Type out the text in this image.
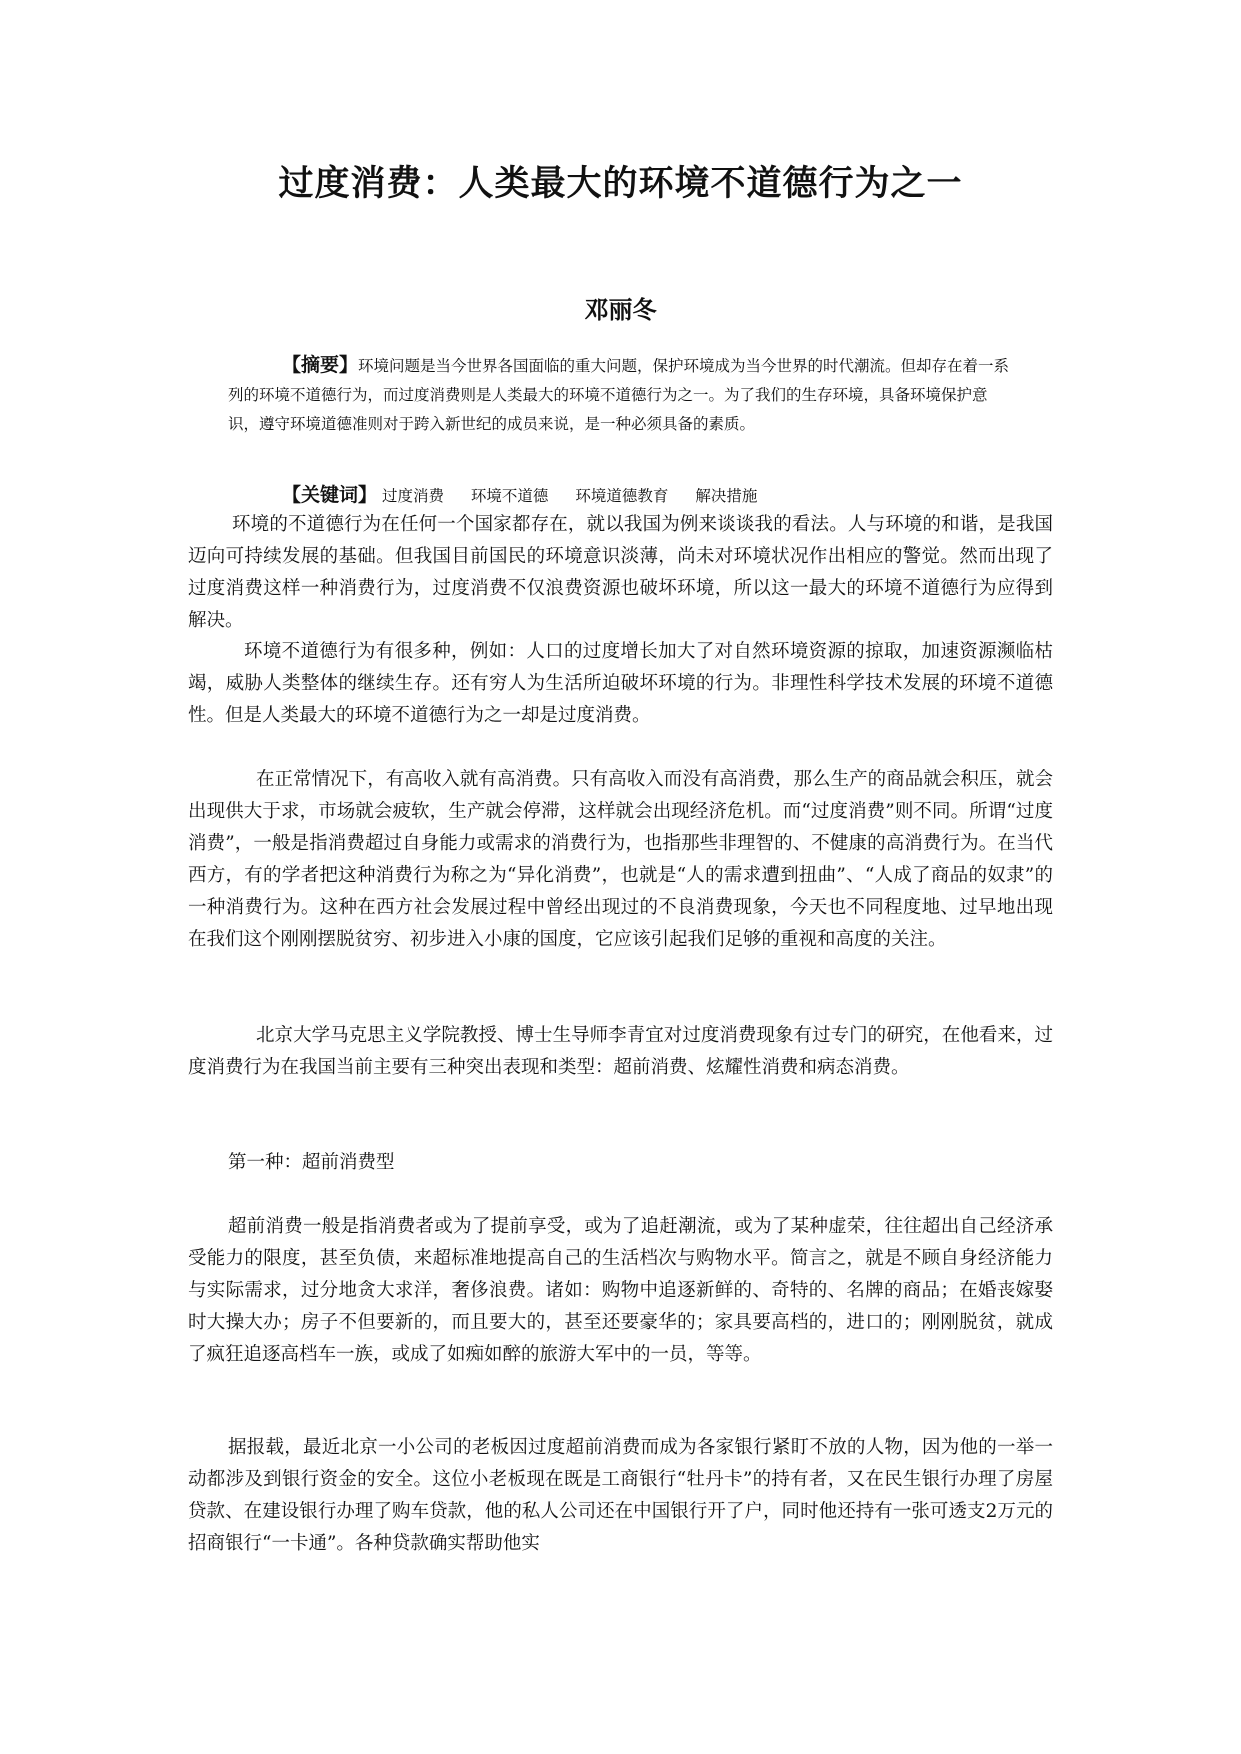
过度消费：人类最大的环境不道德行为之一
邓丽冬
【摘要】环境问题是当今世界各国面临的重大问题，保护环境成为当今世界的时代潮流。但却存在着一系列的环境不道德行为，而过度消费则是人类最大的环境不道德行为之一。为了我们的生存环境，具备环境保护意识，遵守环境道德准则对于跨入新世纪的成员来说，是一种必须具备的素质。
【关键词】 过度消费 环境不道德 环境道德教育 解决措施

环境的不道德行为在任何一个国家都存在，就以我国为例来谈谈我的看法。人与环境的和谐，是我国迈向可持续发展的基础。但我国目前国民的环境意识淡薄，尚未对环境状况作出相应的警觉。然而出现了过度消费这样一种消费行为，过度消费不仅浪费资源也破坏环境，所以这一最大的环境不道德行为应得到解决。

环境不道德行为有很多种，例如：人口的过度增长加大了对自然环境资源的掠取，加速资源濒临枯竭，威胁人类整体的继续生存。还有穷人为生活所迫破坏环境的行为。非理性科学技术发展的环境不道德性。但是人类最大的环境不道德行为之一却是过度消费。

在正常情况下，有高收入就有高消费。只有高收入而没有高消费，那么生产的商品就会积压，就会出现供大于求，市场就会疲软，生产就会停滞，这样就会出现经济危机。而“过度消费”则不同。所谓“过度消费”，一般是指消费超过自身能力或需求的消费行为，也指那些非理智的、不健康的高消费行为。在当代西方，有的学者把这种消费行为称之为“异化消费”，也就是“人的需求遭到扭曲”、“人成了商品的奴隶”的一种消费行为。这种在西方社会发展过程中曾经出现过的不良消费现象，今天也不同程度地、过早地出现在我们这个刚刚摆脱贫穷、初步进入小康的国度，它应该引起我们足够的重视和高度的关注。

北京大学马克思主义学院教授、博士生导师李青宜对过度消费现象有过专门的研究，在他看来，过度消费行为在我国当前主要有三种突出表现和类型：超前消费、炫耀性消费和病态消费。

第一种：超前消费型

超前消费一般是指消费者或为了提前享受，或为了追赶潮流，或为了某种虚荣，往往超出自己经济承受能力的限度，甚至负债，来超标准地提高自己的生活档次与购物水平。简言之，就是不顾自身经济能力与实际需求，过分地贪大求洋，奢侈浪费。诸如：购物中追逐新鲜的、奇特的、名牌的商品；在婚丧嫁娶时大操大办；房子不但要新的，而且要大的，甚至还要豪华的；家具要高档的，进口的；刚刚脱贫，就成了疯狂追逐高档车一族，或成了如痴如醉的旅游大军中的一员，等等。

据报载，最近北京一小公司的老板因过度超前消费而成为各家银行紧盯不放的人物，因为他的一举一动都涉及到银行资金的安全。这位小老板现在既是工商银行“牡丹卡”的持有者，又在民生银行办理了房屋贷款、在建设银行办理了购车贷款，他的私人公司还在中国银行开了户，同时他还持有一张可透支2万元的招商银行“一卡通”。各种贷款确实帮助他实
